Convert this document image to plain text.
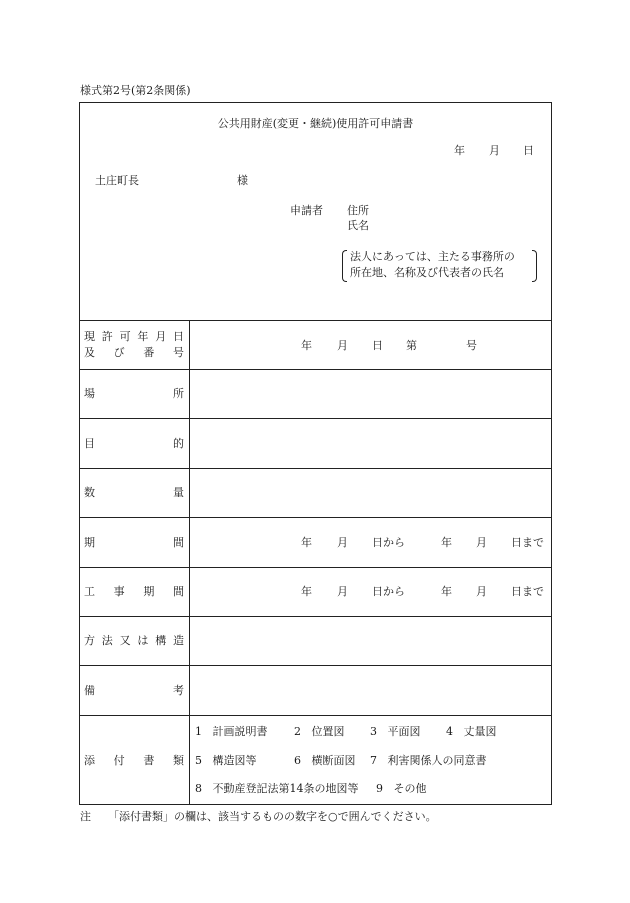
様式第2号(第2条関係)
公共用財産(変更・継続)使用許可申請書
年 月 日
土庄町長	様
申請者 住所
氏名
法人にあっては、主たる事務所の
所在地、名称及び代表者の氏名
現 許 可 年 月 日
及 び 番 号
年 月 日 第	号
場	所
目	的
数	量
期	間	年 月 日から	年 月 日まで
工 事 期 間	年 月 日から	年 月 日まで
方 法 又 は 構 造
備	考
添 付 書 類
1 計画説明書 2 位置図 3 平面図 4 丈量図
5 構造図等	6 横断面図 7 利害関係人の同意書
8 不動産登記法第14条の地図等 9 その他
注 「添付書類」の欄は、該当するものの数字を○で囲んでください。
